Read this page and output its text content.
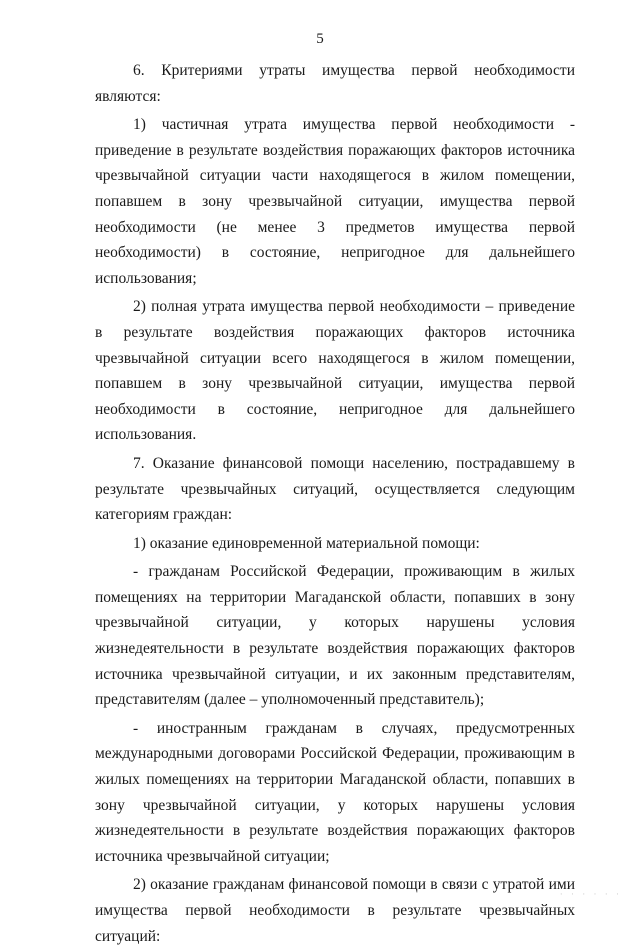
5

6. Критериями утраты имущества первой необходимости являются:

1) частичная утрата имущества первой необходимости - приведение в результате воздействия поражающих факторов источника чрезвычайной ситуации части находящегося в жилом помещении, попавшем в зону чрезвычайной ситуации, имущества первой необходимости (не менее 3 предметов имущества первой необходимости) в состояние, непригодное для дальнейшего использования;

2) полная утрата имущества первой необходимости – приведение в результате воздействия поражающих факторов источника чрезвычайной ситуации всего находящегося в жилом помещении, попавшем в зону чрезвычайной ситуации, имущества первой необходимости в состояние, непригодное для дальнейшего использования.

7. Оказание финансовой помощи населению, пострадавшему в результате чрезвычайных ситуаций, осуществляется следующим категориям граждан:

1) оказание единовременной материальной помощи:

- гражданам Российской Федерации, проживающим в жилых помещениях на территории Магаданской области, попавших в зону чрезвычайной ситуации, у которых нарушены условия жизнедеятельности в результате воздействия поражающих факторов источника чрезвычайной ситуации, и их законным представителям, представителям (далее – уполномоченный представитель);

- иностранным гражданам в случаях, предусмотренных международными договорами Российской Федерации, проживающим в жилых помещениях на территории Магаданской области, попавших в зону чрезвычайной ситуации, у которых нарушены условия жизнедеятельности в результате воздействия поражающих факторов источника чрезвычайной ситуации;

2) оказание гражданам финансовой помощи в связи с утратой ими имущества первой необходимости в результате чрезвычайных ситуаций:

· · · · · ·
